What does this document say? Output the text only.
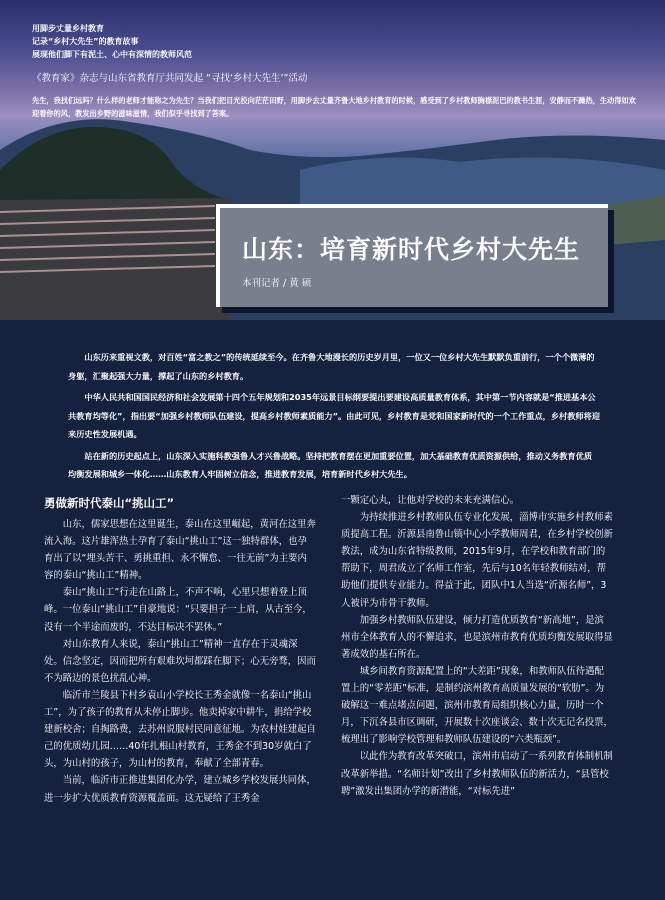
用脚步丈量乡村教育
记录“乡村大先生”的教育故事
展现他们脚下有泥土、心中有深情的教师风范
《教育家》杂志与山东省教育厅共同发起 “寻找‘乡村大先生’”活动
先生，我找们远吗？什么样的老师才能称之为先生？当我们把目光投向茫茫田野，用脚步去丈量齐鲁大地乡村教育的时候，感受到了乡村教师胸襟泥巴的教书生涯，安静而不躁热，生动得如欢迎着你的风，教发出乡野的滋味滋情，我们似乎寻找到了答案。
山东：培育新时代乡村大先生
本刊记者 / 黄 硕

山东历来重视文教，对百姓“富之教之”的传统延续至今。在齐鲁大地漫长的历史岁月里，一位又一位乡村大先生默默负重前行，一个个微薄的身躯，汇聚起强大力量，撑起了山东的乡村教育。

中华人民共和国国民经济和社会发展第十四个五年规划和2035年远景目标纲要提出要建设高质量教育体系，其中第一节内容就是“推进基本公共教育均等化”，指出要“加强乡村教师队伍建设，提高乡村教师素质能力”。由此可见，乡村教育是党和国家新时代的一个工作重点，乡村教师将迎来历史性发展机遇。

站在新的历史起点上，山东深入实施科教强鲁人才兴鲁战略。坚持把教育摆在更加重要位置，加大基础教育优质资源供给，推动义务教育优质均衡发展和城乡一体化……山东教育人牢固树立信念，推进教育发展，培育新时代乡村大先生。

勇做新时代泰山“挑山工”

山东，儒家思想在这里诞生，泰山在这里崛起，黄河在这里奔流入海。这片雄浑热土孕育了泰山“挑山工”这一独特群体，也孕育出了以“埋头苦干、勇挑重担、永不懈怠、一往无前”为主要内容的泰山“挑山工”精神。

泰山“挑山工”行走在山路上，不声不响，心里只想着登上顶峰。一位泰山“挑山工”自豪地说：“只要担子一上肩，从古至今，没有一个半途而废的，不达目标决不罢休。”

对山东教育人来说，泰山“挑山工”精神一直存在于灵魂深处。信念坚定，因而把所有艰难坎坷都踩在脚下；心无旁骛，因而不为路边的景色扰乱心神。

临沂市兰陵县下村乡袁山小学校长王秀金就像一名泰山“挑山工”，为了孩子的教育从未停止脚步。他卖掉家中耕牛，捐给学校建新校舍；自掏路费，去苏州说服村民同意征地。为农村娃建起自己的优质幼儿园……40年扎根山村教育，王秀金不到30岁就白了头，为山村的孩子，为山村的教育，奉献了全部青春。

当前，临沂市正推进集团化办学，建立城乡学校发展共同体，进一步扩大优质教育资源覆盖面。这无疑给了王秀金

一颗定心丸，让他对学校的未来充满信心。

为持续推进乡村教师队伍专业化发展，淄博市实施乡村教师素质提高工程。沂源县南鲁山镇中心小学教师周君，在乡村学校创新教法，成为山东省特级教师，2015年9月，在学校和教育部门的帮助下，周君成立了名师工作室，先后与10名年轻教师结对，帮助他们提供专业能力。得益于此，团队中1人当选“沂源名师”，3人被评为市骨干教师。

加强乡村教师队伍建设，倾力打造优质教育“新高地”，是滨州市全体教育人的不懈追求，也是滨州市教育优质均衡发展取得显著成效的基石所在。

城乡间教育资源配置上的“大差距”现象，和教师队伍待遇配置上的“零差距”标准，是制约滨州教育高质量发展的“软肋”。为破解这一难点堵点问题，滨州市教育局组织核心力量，历时一个月，下沉各县市区调研，开展数十次座谈会、数十次无记名投票，梳理出了影响学校管理和教师队伍建设的“六类瓶颈”。

以此作为教育改革突破口，滨州市启动了一系列教育体制机制改革新举措。“名师计划”改出了乡村教师队伍的新活力，“县管校聘”激发出集团办学的新潜能，“对标先进”
